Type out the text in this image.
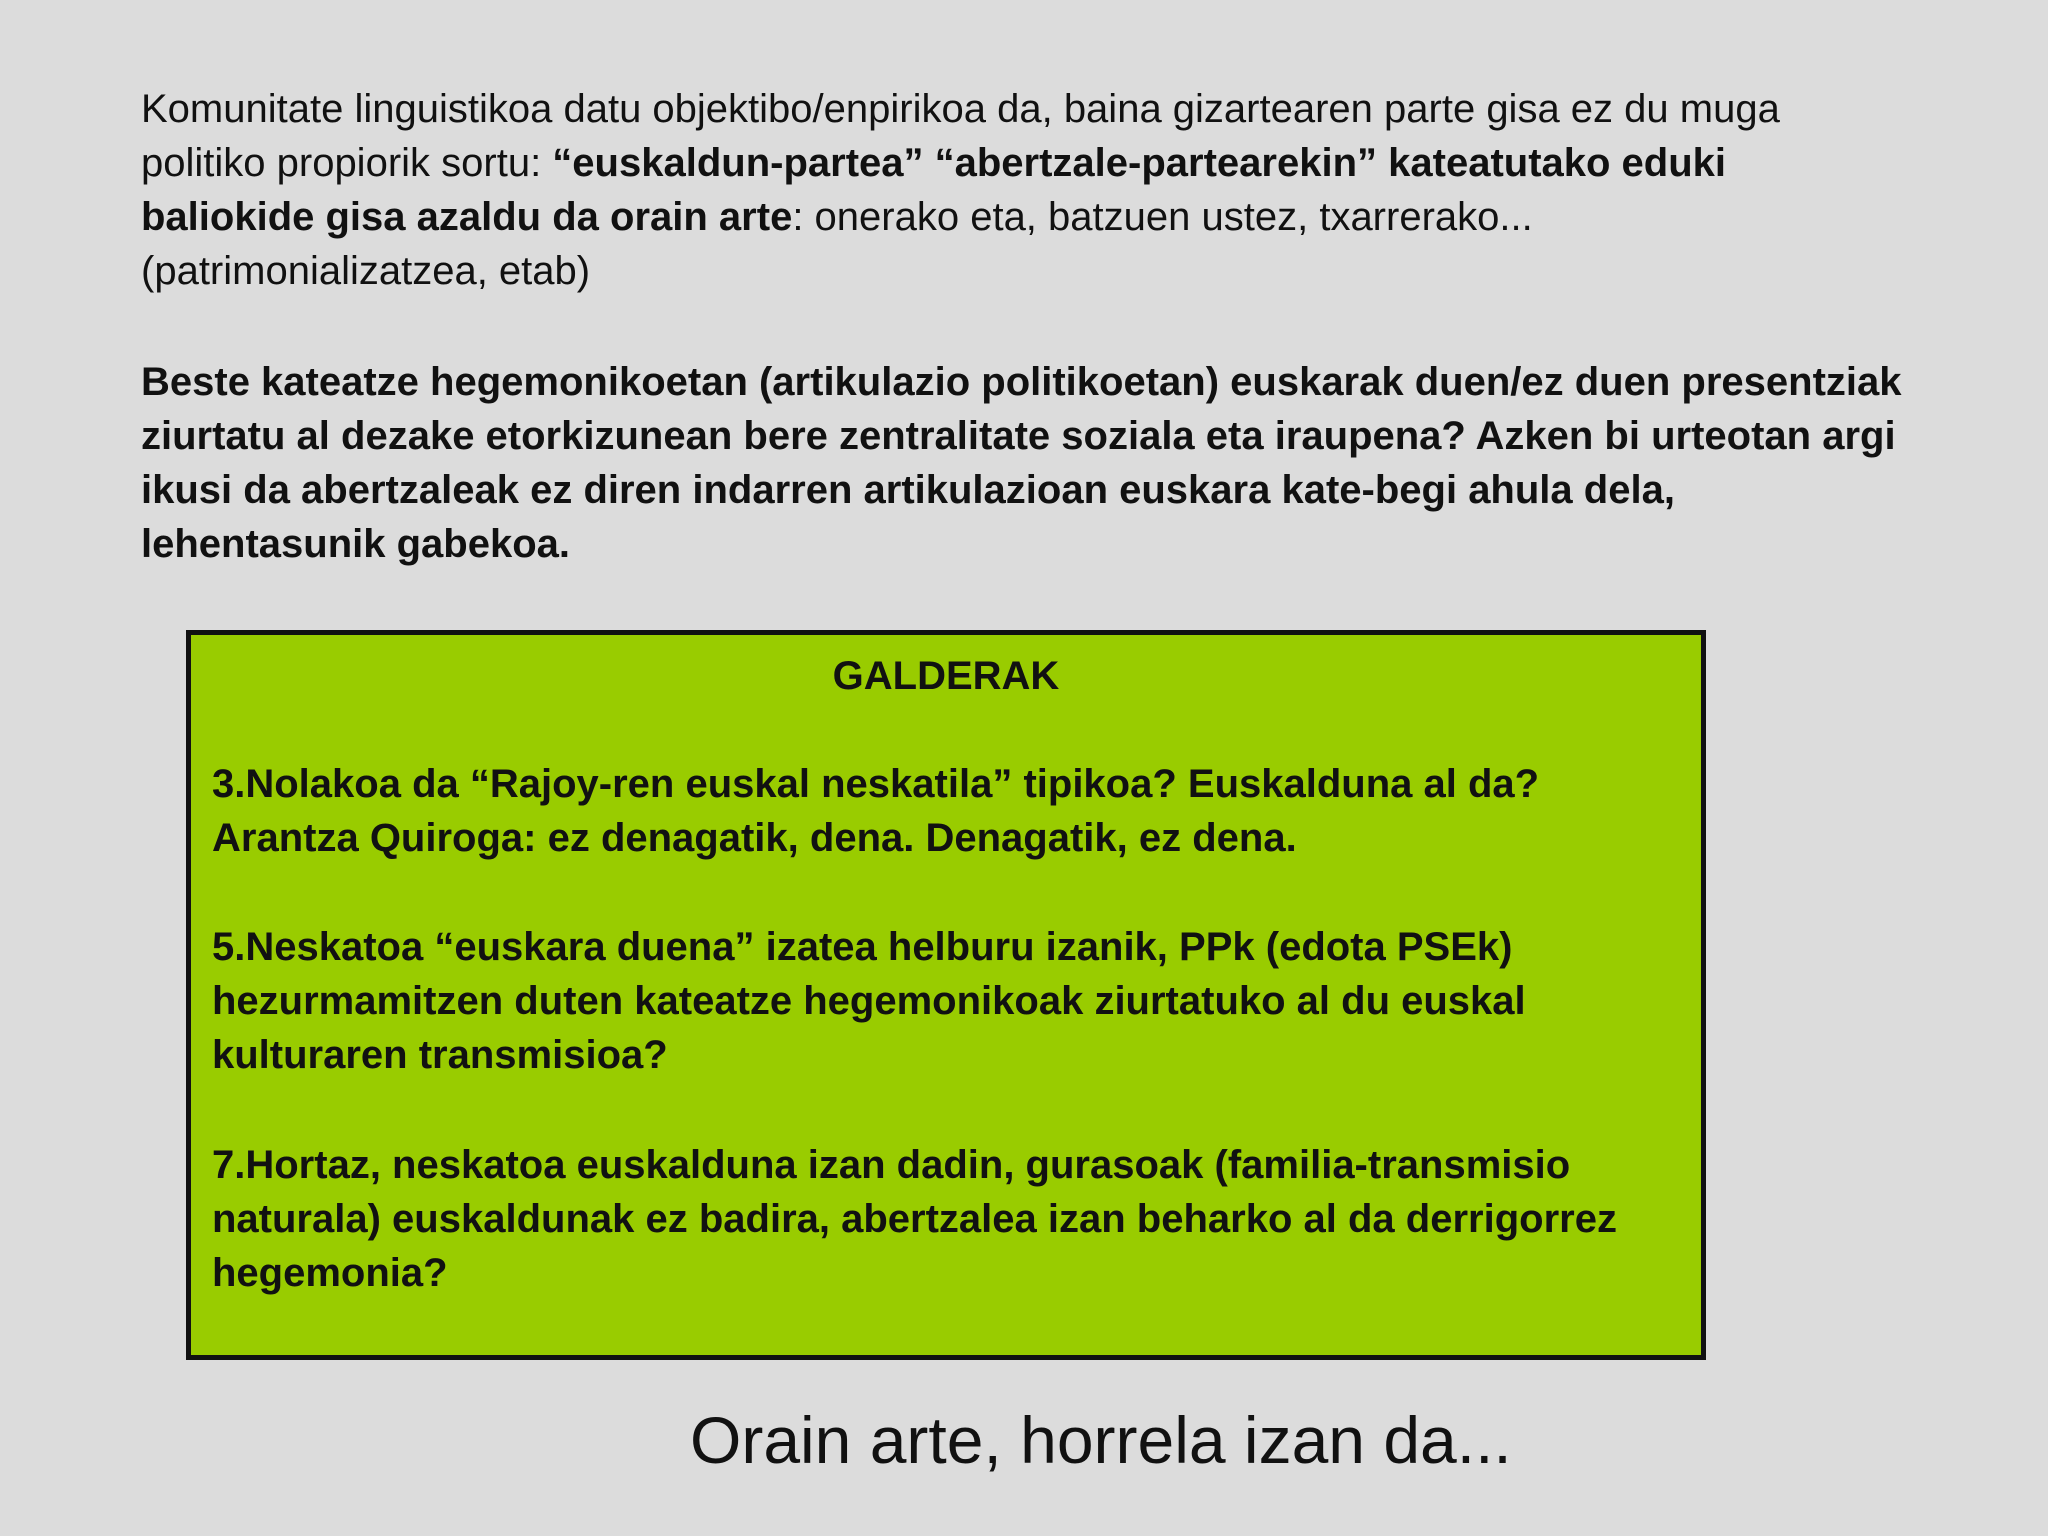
Komunitate linguistikoa datu objektibo/enpirikoa da, baina gizartearen parte gisa ez du muga politiko propiorik sortu: “euskaldun-partea” “abertzale-partearekin” kateatutako eduki baliokide gisa azaldu da orain arte: onerako eta, batzuen ustez, txarrerako... (patrimonializatzea, etab)

Beste kateatze hegemonikoetan (artikulazio politikoetan) euskarak duen/ez duen presentziak ziurtatu al dezake etorkizunean bere zentralitate soziala eta iraupena? Azken bi urteotan argi ikusi da abertzaleak ez diren indarren artikulazioan euskara kate-begi ahula dela, lehentasunik gabekoa.

GALDERAK

3.Nolakoa da “Rajoy-ren euskal neskatila” tipikoa? Euskalduna al da? Arantza Quiroga: ez denagatik, dena. Denagatik, ez dena.

5.Neskatoa “euskara duena” izatea helburu izanik, PPk (edota PSEk) hezurmamitzen duten kateatze hegemonikoak ziurtatuko al du euskal kulturaren transmisioa?

7.Hortaz, neskatoa euskalduna izan dadin, gurasoak (familia-transmisio naturala) euskaldunak ez badira, abertzalea izan beharko al da derrigorrez hegemonia?

Orain arte, horrela izan da...
